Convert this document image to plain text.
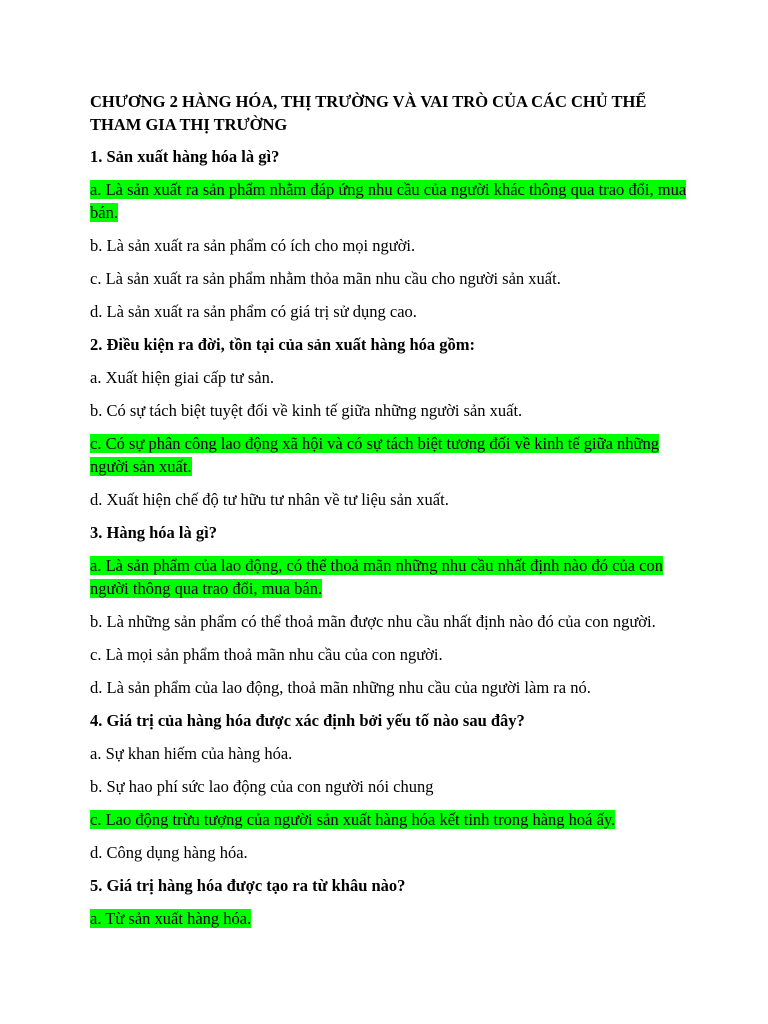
CHƯƠNG 2 HÀNG HÓA, THỊ TRƯỜNG VÀ VAI TRÒ CỦA CÁC CHỦ THỂ THAM GIA THỊ TRƯỜNG
1. Sản xuất hàng hóa là gì?
a. Là sản xuất ra sản phẩm nhằm đáp ứng nhu cầu của người khác thông qua trao đổi, mua bán.
b. Là sản xuất ra sản phẩm có ích cho mọi người.
c. Là sản xuất ra sản phẩm nhằm thỏa mãn nhu cầu cho người sản xuất.
d. Là sản xuất ra sản phẩm có giá trị sử dụng cao.
2. Điều kiện ra đời, tồn tại của sản xuất hàng hóa gồm:
a. Xuất hiện giai cấp tư sản.
b. Có sự tách biệt tuyệt đối về kinh tế giữa những người sản xuất.
c. Có sự phân công lao động xã hội và có sự tách biệt tương đối về kinh tế giữa những người sản xuất.
d. Xuất hiện chế độ tư hữu tư nhân về tư liệu sản xuất.
3. Hàng hóa là gì?
a. Là sản phẩm của lao động, có thể thoả mãn những nhu cầu nhất định nào đó của con người thông qua trao đổi, mua bán.
b. Là những sản phẩm có thể thoả mãn được nhu cầu nhất định nào đó của con người.
c. Là mọi sản phẩm thoả mãn nhu cầu của con người.
d. Là sản phẩm của lao động, thoả mãn những nhu cầu của người làm ra nó.
4. Giá trị của hàng hóa được xác định bởi yếu tố nào sau đây?
a. Sự khan hiếm của hàng hóa.
b. Sự hao phí sức lao động của con người nói chung
c. Lao động trừu tượng của người sản xuất hàng hóa kết tinh trong hàng hoá ấy.
d. Công dụng hàng hóa.
5. Giá trị hàng hóa được tạo ra từ khâu nào?
a. Từ sản xuất hàng hóa.
